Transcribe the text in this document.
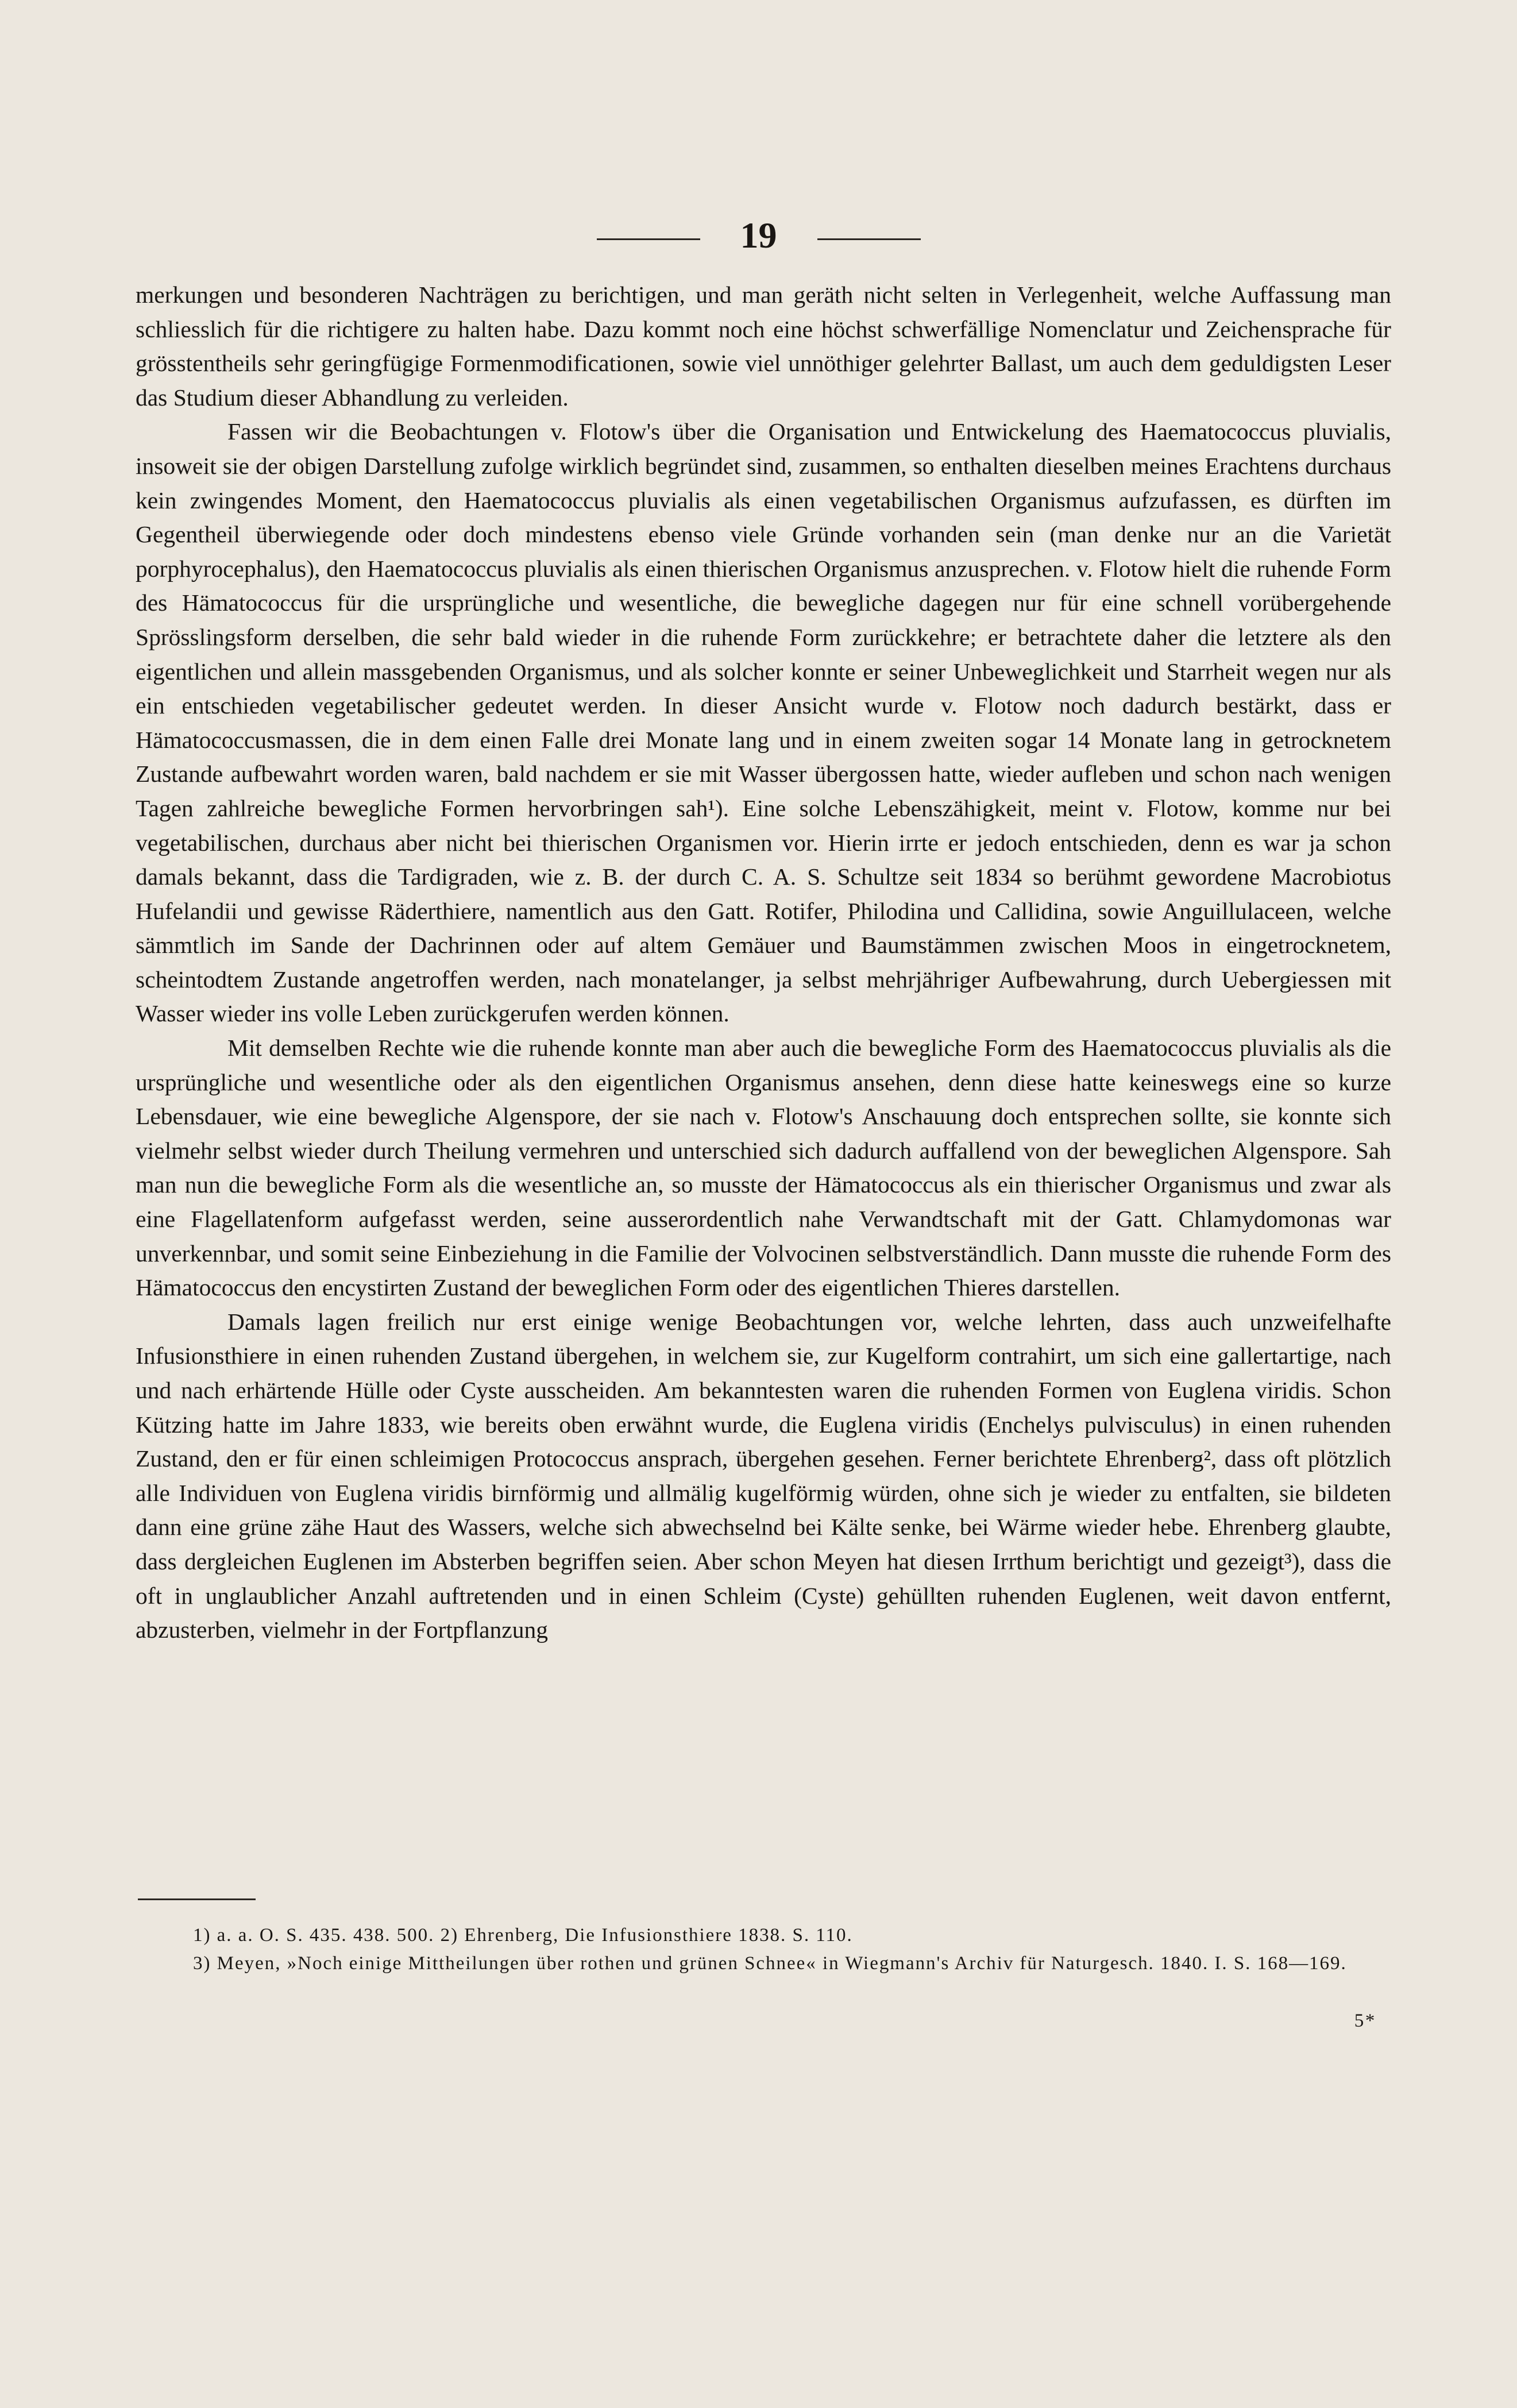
19

merkungen und besonderen Nachträgen zu berichtigen, und man geräth nicht selten in Verlegenheit, welche Auffassung man schliesslich für die richtigere zu halten habe. Dazu kommt noch eine höchst schwerfällige Nomenclatur und Zeichensprache für grösstentheils sehr geringfügige Formenmodificationen, sowie viel unnöthiger gelehrter Ballast, um auch dem geduldigsten Leser das Studium dieser Abhandlung zu verleiden.

Fassen wir die Beobachtungen v. Flotow's über die Organisation und Entwickelung des Haematococcus pluvialis, insoweit sie der obigen Darstellung zufolge wirklich begründet sind, zusammen, so enthalten dieselben meines Erachtens durchaus kein zwingendes Moment, den Haematococcus pluvialis als einen vegetabilischen Organismus aufzufassen, es dürften im Gegentheil überwiegende oder doch mindestens ebenso viele Gründe vorhanden sein (man denke nur an die Varietät porphyrocephalus), den Haematococcus pluvialis als einen thierischen Organismus anzusprechen. v. Flotow hielt die ruhende Form des Hämatococcus für die ursprüngliche und wesentliche, die bewegliche dagegen nur für eine schnell vorübergehende Sprösslingsform derselben, die sehr bald wieder in die ruhende Form zurückkehre; er betrachtete daher die letztere als den eigentlichen und allein massgebenden Organismus, und als solcher konnte er seiner Unbeweglichkeit und Starrheit wegen nur als ein entschieden vegetabilischer gedeutet werden. In dieser Ansicht wurde v. Flotow noch dadurch bestärkt, dass er Hämatococcusmassen, die in dem einen Falle drei Monate lang und in einem zweiten sogar 14 Monate lang in getrocknetem Zustande aufbewahrt worden waren, bald nachdem er sie mit Wasser übergossen hatte, wieder aufleben und schon nach wenigen Tagen zahlreiche bewegliche Formen hervorbringen sah¹). Eine solche Lebenszähigkeit, meint v. Flotow, komme nur bei vegetabilischen, durchaus aber nicht bei thierischen Organismen vor. Hierin irrte er jedoch entschieden, denn es war ja schon damals bekannt, dass die Tardigraden, wie z. B. der durch C. A. S. Schultze seit 1834 so berühmt gewordene Macrobiotus Hufelandii und gewisse Räderthiere, namentlich aus den Gatt. Rotifer, Philodina und Callidina, sowie Anguillulaceen, welche sämmtlich im Sande der Dachrinnen oder auf altem Gemäuer und Baumstämmen zwischen Moos in eingetrocknetem, scheintodtem Zustande angetroffen werden, nach monatelanger, ja selbst mehrjähriger Aufbewahrung, durch Uebergiessen mit Wasser wieder ins volle Leben zurückgerufen werden können.

Mit demselben Rechte wie die ruhende konnte man aber auch die bewegliche Form des Haematococcus pluvialis als die ursprüngliche und wesentliche oder als den eigentlichen Organismus ansehen, denn diese hatte keineswegs eine so kurze Lebensdauer, wie eine bewegliche Algenspore, der sie nach v. Flotow's Anschauung doch entsprechen sollte, sie konnte sich vielmehr selbst wieder durch Theilung vermehren und unterschied sich dadurch auffallend von der beweglichen Algenspore. Sah man nun die bewegliche Form als die wesentliche an, so musste der Hämatococcus als ein thierischer Organismus und zwar als eine Flagellatenform aufgefasst werden, seine ausserordentlich nahe Verwandtschaft mit der Gatt. Chlamydomonas war unverkennbar, und somit seine Einbeziehung in die Familie der Volvocinen selbstverständlich. Dann musste die ruhende Form des Hämatococcus den encystirten Zustand der beweglichen Form oder des eigentlichen Thieres darstellen.

Damals lagen freilich nur erst einige wenige Beobachtungen vor, welche lehrten, dass auch unzweifelhafte Infusionsthiere in einen ruhenden Zustand übergehen, in welchem sie, zur Kugelform contrahirt, um sich eine gallertartige, nach und nach erhärtende Hülle oder Cyste ausscheiden. Am bekanntesten waren die ruhenden Formen von Euglena viridis. Schon Kützing hatte im Jahre 1833, wie bereits oben erwähnt wurde, die Euglena viridis (Enchelys pulvisculus) in einen ruhenden Zustand, den er für einen schleimigen Protococcus ansprach, übergehen gesehen. Ferner berichtete Ehrenberg², dass oft plötzlich alle Individuen von Euglena viridis birnförmig und allmälig kugelförmig würden, ohne sich je wieder zu entfalten, sie bildeten dann eine grüne zähe Haut des Wassers, welche sich abwechselnd bei Kälte senke, bei Wärme wieder hebe. Ehrenberg glaubte, dass dergleichen Euglenen im Absterben begriffen seien. Aber schon Meyen hat diesen Irrthum berichtigt und gezeigt³), dass die oft in unglaublicher Anzahl auftretenden und in einen Schleim (Cyste) gehüllten ruhenden Euglenen, weit davon entfernt, abzusterben, vielmehr in der Fortpflanzung

1) a. a. O. S. 435. 438. 500. 2) Ehrenberg, Die Infusionsthiere 1838. S. 110.

3) Meyen, »Noch einige Mittheilungen über rothen und grünen Schnee« in Wiegmann's Archiv für Naturgesch. 1840. I. S. 168—169.

5*
